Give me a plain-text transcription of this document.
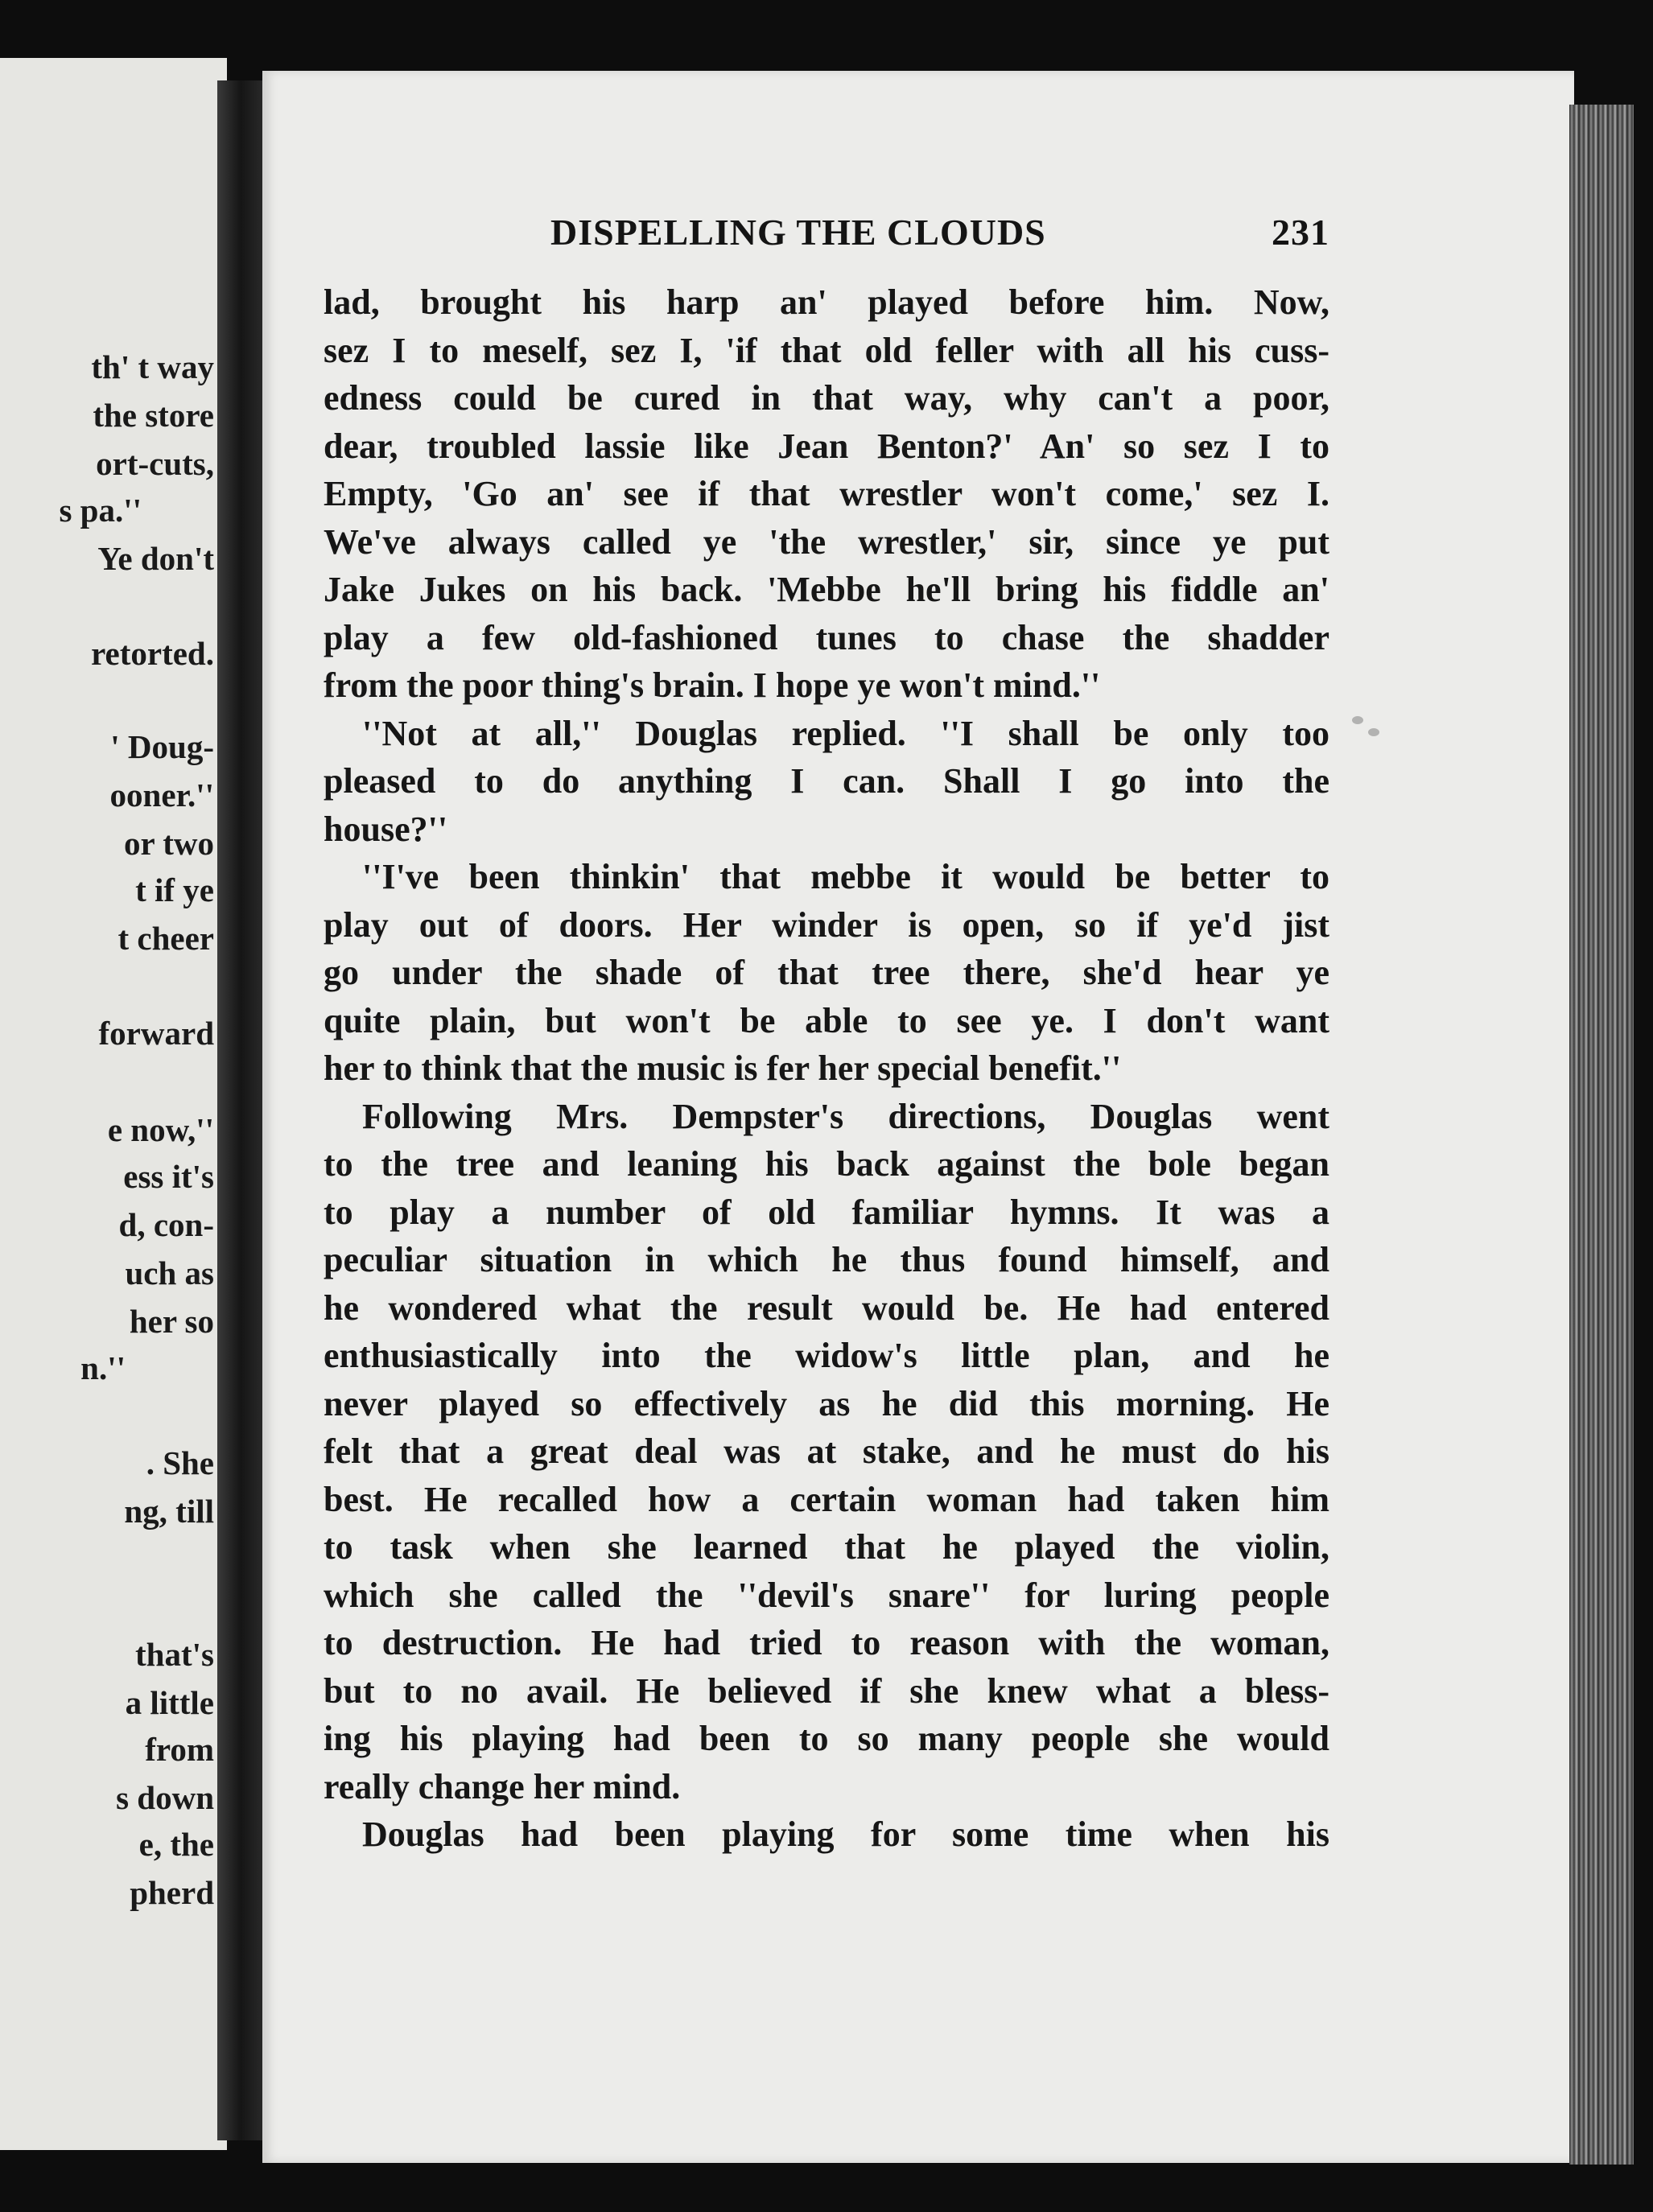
th' t way
the store
ort-cuts,
s pa.''
Ye don't
retorted.
' Doug-
ooner.''
or two
t if ye
t cheer
forward
e now,''
ess it's
d, con-
uch as
her so
n.''
. She
ng, till
that's
a little
from
s down
e, the
pherd
DISPELLING THE CLOUDS	231
lad, brought his harp an' played before him. Now,
sez I to meself, sez I, 'if that old feller with all his cuss-
edness could be cured in that way, why can't a poor,
dear, troubled lassie like Jean Benton?' An' so sez I to
Empty, 'Go an' see if that wrestler won't come,' sez I.
We've always called ye 'the wrestler,' sir, since ye put
Jake Jukes on his back. 'Mebbe he'll bring his fiddle an'
play a few old-fashioned tunes to chase the shadder
from the poor thing's brain. I hope ye won't mind.''
''Not at all,'' Douglas replied. ''I shall be only too
pleased to do anything I can. Shall I go into the
house?''
''I've been thinkin' that mebbe it would be better to
play out of doors. Her winder is open, so if ye'd jist
go under the shade of that tree there, she'd hear ye
quite plain, but won't be able to see ye. I don't want
her to think that the music is fer her special benefit.''
Following Mrs. Dempster's directions, Douglas went
to the tree and leaning his back against the bole began
to play a number of old familiar hymns. It was a
peculiar situation in which he thus found himself, and
he wondered what the result would be. He had entered
enthusiastically into the widow's little plan, and he
never played so effectively as he did this morning. He
felt that a great deal was at stake, and he must do his
best. He recalled how a certain woman had taken him
to task when she learned that he played the violin,
which she called the ''devil's snare'' for luring people
to destruction. He had tried to reason with the woman,
but to no avail. He believed if she knew what a bless-
ing his playing had been to so many people she would
really change her mind.
Douglas had been playing for some time when his
